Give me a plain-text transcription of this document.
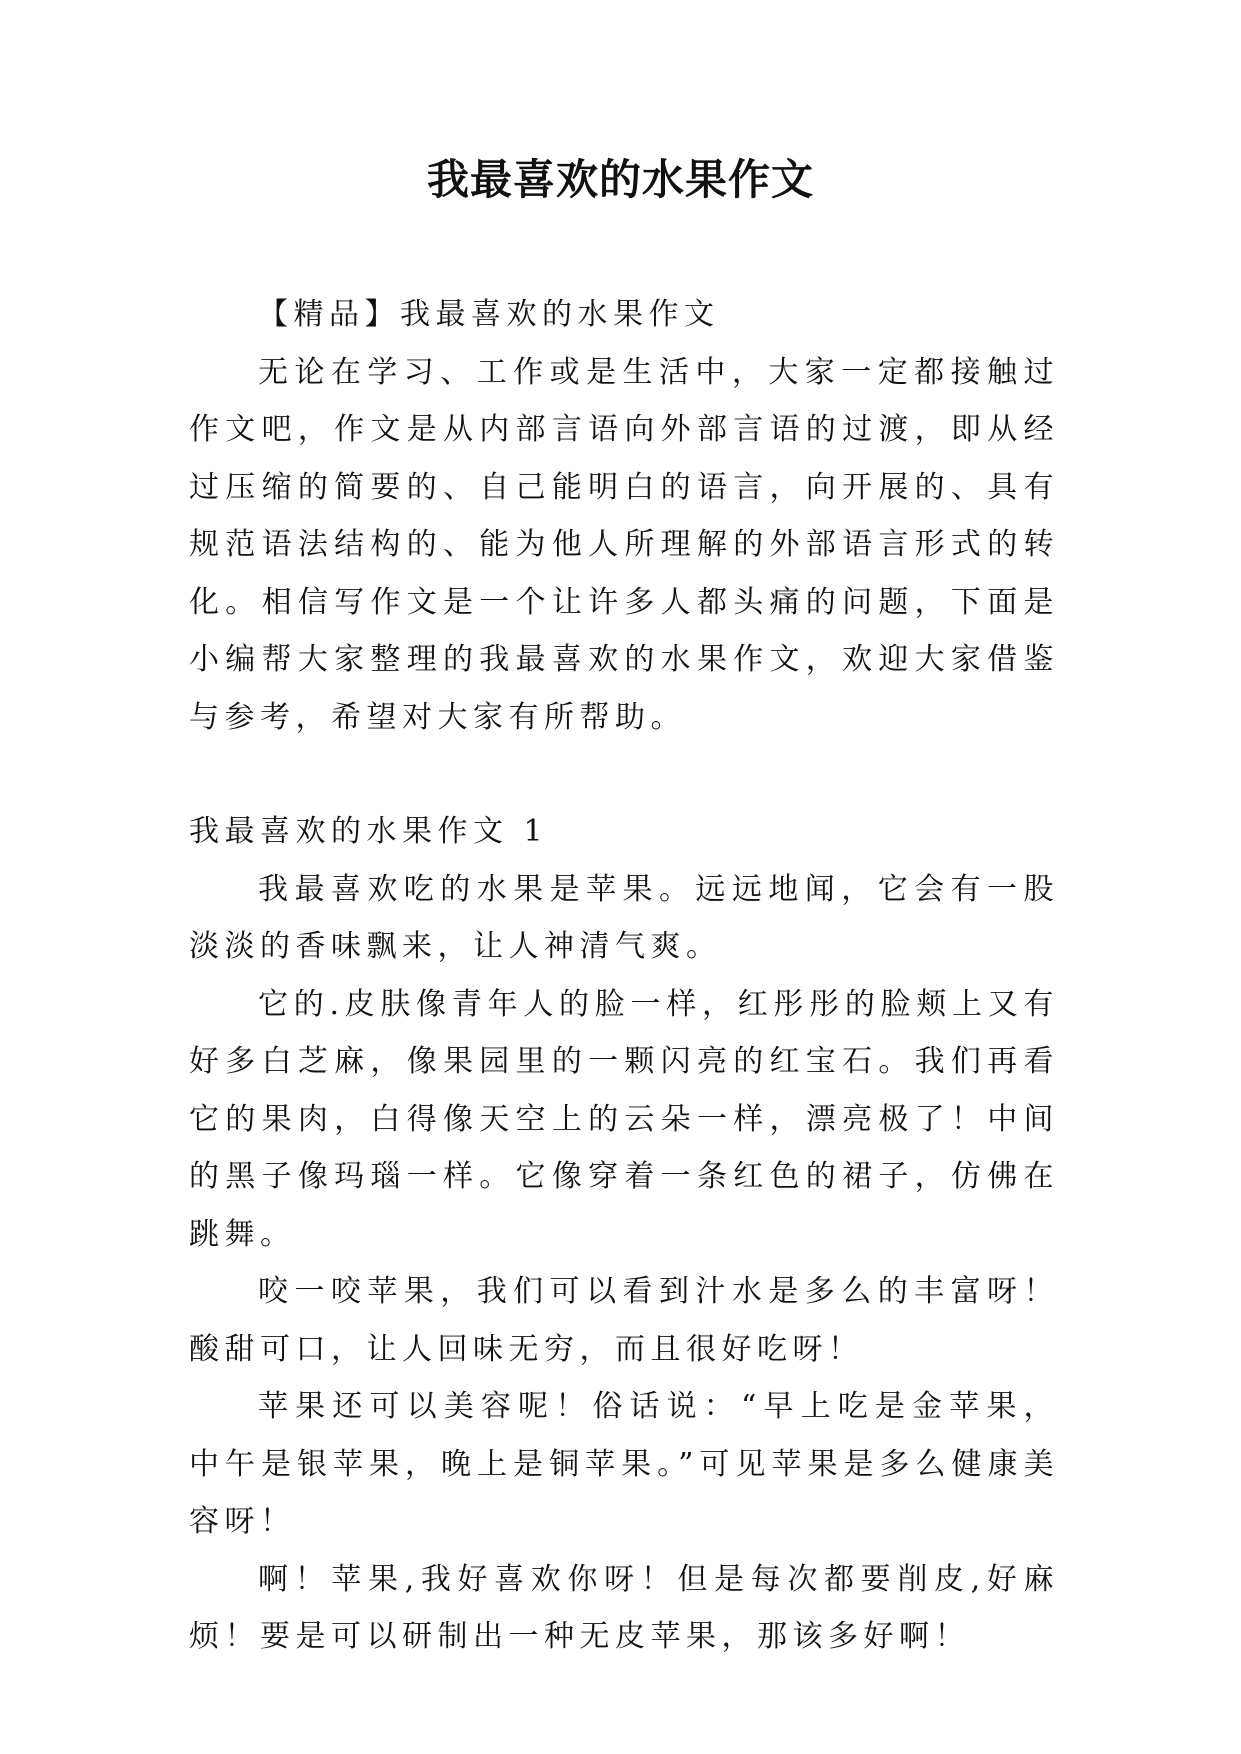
我最喜欢的水果作文

【精品】我最喜欢的水果作文

无论在学习、工作或是生活中，大家一定都接触过作文吧，作文是从内部言语向外部言语的过渡，即从经过压缩的简要的、自己能明白的语言，向开展的、具有规范语法结构的、能为他人所理解的外部语言形式的转化。相信写作文是一个让许多人都头痛的问题，下面是小编帮大家整理的我最喜欢的水果作文，欢迎大家借鉴与参考，希望对大家有所帮助。

我最喜欢的水果作文 1

我最喜欢吃的水果是苹果。远远地闻，它会有一股淡淡的香味飘来，让人神清气爽。

它的.皮肤像青年人的脸一样，红彤彤的脸颊上又有好多白芝麻，像果园里的一颗闪亮的红宝石。我们再看它的果肉，白得像天空上的云朵一样，漂亮极了！中间的黑子像玛瑙一样。它像穿着一条红色的裙子，仿佛在跳舞。

咬一咬苹果，我们可以看到汁水是多么的丰富呀！酸甜可口，让人回味无穷，而且很好吃呀！

苹果还可以美容呢！俗话说：“早上吃是金苹果，中午是银苹果，晚上是铜苹果。”可见苹果是多么健康美容呀！

啊！苹果,我好喜欢你呀！但是每次都要削皮,好麻烦！要是可以研制出一种无皮苹果，那该多好啊！
